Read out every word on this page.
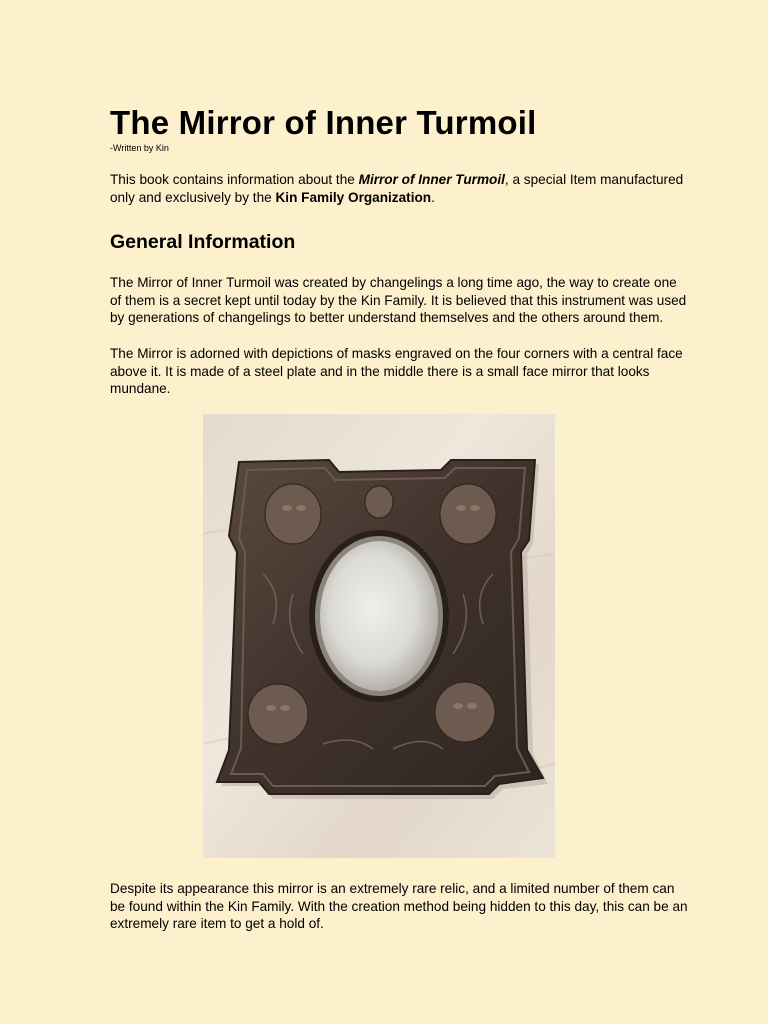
The Mirror of Inner Turmoil
-Written by Kin

This book contains information about the Mirror of Inner Turmoil, a special Item manufactured only and exclusively by the Kin Family Organization.

General Information

The Mirror of Inner Turmoil was created by changelings a long time ago, the way to create one of them is a secret kept until today by the Kin Family. It is believed that this instrument was used by generations of changelings to better understand themselves and the others around them.

The Mirror is adorned with depictions of masks engraved on the four corners with a central face above it. It is made of a steel plate and in the middle there is a small face mirror that looks mundane.

Despite its appearance this mirror is an extremely rare relic, and a limited number of them can be found within the Kin Family. With the creation method being hidden to this day, this can be an extremely rare item to get a hold of.
